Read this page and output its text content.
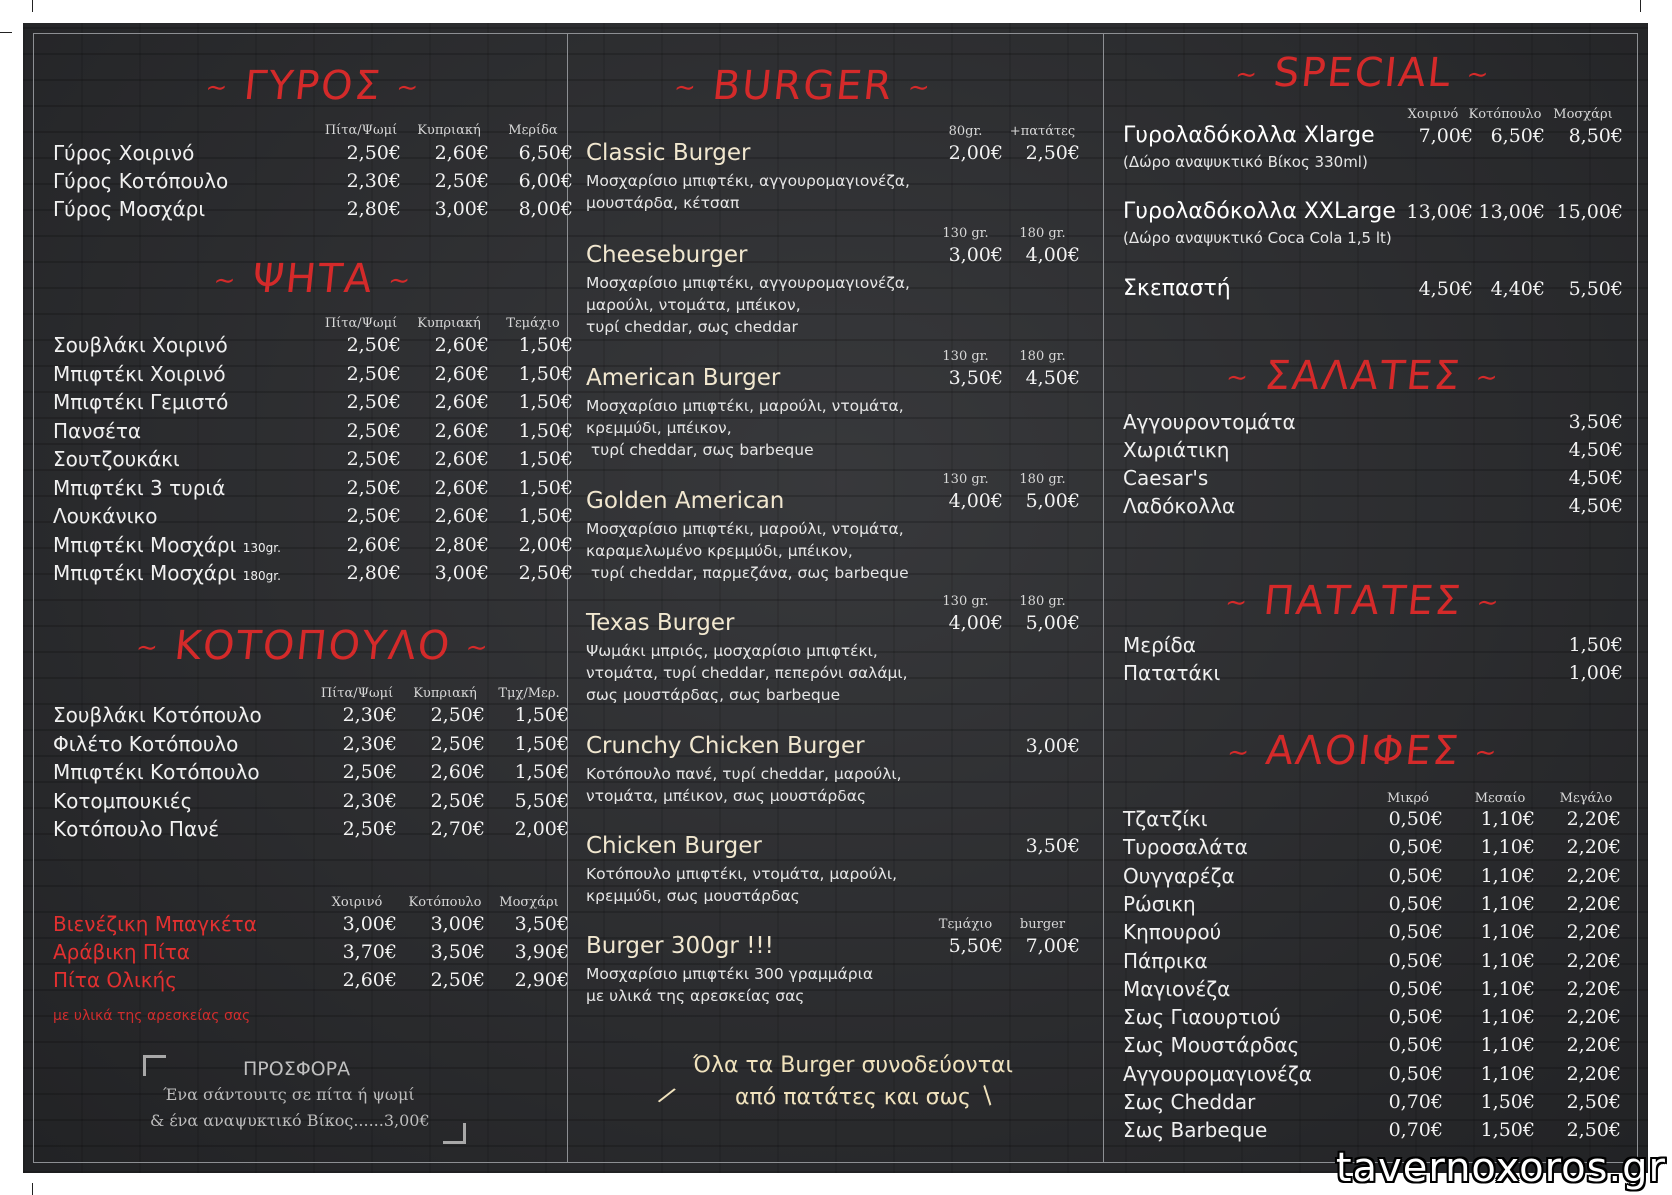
~ ΓΥΡΟΣ ~
Πίτα/Ψωμί	Κυπριακή	Μερίδα
Γύρος Χοιρινό	2,50€	2,60€	6,50€
Γύρος Κοτόπουλο	2,30€	2,50€	6,00€
Γύρος Μοσχάρι	2,80€	3,00€	8,00€
~ ΨΗΤΑ ~
Πίτα/Ψωμί	Κυπριακή	Τεμάχιο
Σουβλάκι Χοιρινό	2,50€	2,60€	1,50€
Μπιφτέκι Χοιρινό	2,50€	2,60€	1,50€
Μπιφτέκι Γεμιστό	2,50€	2,60€	1,50€
Πανσέτα	2,50€	2,60€	1,50€
Σουτζουκάκι	2,50€	2,60€	1,50€
Μπιφτέκι 3 τυριά	2,50€	2,60€	1,50€
Λουκάνικο	2,50€	2,60€	1,50€
Μπιφτέκι Μοσχάρι 130gr.	2,60€	2,80€	2,00€
Μπιφτέκι Μοσχάρι 180gr.	2,80€	3,00€	2,50€
~ ΚΟΤΟΠΟΥΛΟ ~
Πίτα/Ψωμί	Κυπριακή	Τμχ/Μερ.
Σουβλάκι Κοτόπουλο	2,30€	2,50€	1,50€
Φιλέτο Κοτόπουλο	2,30€	2,50€	1,50€
Μπιφτέκι Κοτόπουλο	2,50€	2,60€	1,50€
Κοτομπουκιές	2,30€	2,50€	5,50€
Κοτόπουλο Πανέ	2,50€	2,70€	2,00€
Χοιρινό	Κοτόπουλο	Μοσχάρι
Βιενέζικη Μπαγκέτα	3,00€	3,00€	3,50€
Αράβικη Πίτα	3,70€	3,50€	3,90€
Πίτα Ολικής	2,60€	2,50€	2,90€
με υλικά της αρεσκείας σας
ΠΡΟΣΦΟΡΑ
Ένα σάντουιτς σε πίτα ή ψωμί
& ένα αναψυκτικό Βίκος......3,00€
~ BURGER ~
80gr.	+πατάτες
Classic Burger	2,00€	2,50€
Μοσχαρίσιο μπιφτέκι, αγγουρομαγιονέζα,
μουστάρδα, κέτσαπ
130 gr.	180 gr.
Cheeseburger	3,00€	4,00€
Μοσχαρίσιο μπιφτέκι, αγγουρομαγιονέζα,
μαρούλι, ντομάτα, μπέικον,
τυρί cheddar, σως cheddar
130 gr.	180 gr.
American Burger	3,50€	4,50€
Μοσχαρίσιο μπιφτέκι, μαρούλι, ντομάτα,
κρεμμύδι, μπέικον,
τυρί cheddar, σως barbeque
130 gr.	180 gr.
Golden American	4,00€	5,00€
Μοσχαρίσιο μπιφτέκι, μαρούλι, ντομάτα,
καραμελωμένο κρεμμύδι, μπέικον,
τυρί cheddar, παρμεζάνα, σως barbeque
130 gr.	180 gr.
Texas Burger	4,00€	5,00€
Ψωμάκι μπριός, μοσχαρίσιο μπιφτέκι,
ντομάτα, τυρί cheddar, πεπερόνι σαλάμι,
σως μουστάρδας, σως barbeque
Crunchy Chicken Burger	3,00€
Κοτόπουλο πανέ, τυρί cheddar, μαρούλι,
ντομάτα, μπέικον, σως μουστάρδας
Chicken Burger	3,50€
Κοτόπουλο μπιφτέκι, ντομάτα, μαρούλι,
κρεμμύδι, σως μουστάρδας
Τεμάχιο	burger
Burger 300gr !!!	5,50€	7,00€
Μοσχαρίσιο μπιφτέκι 300 γραμμάρια
με υλικά της αρεσκείας σας
Όλα τα Burger συνοδεύονται
από πατάτες και σως
/	/
~ SPECIAL ~
Χοιρινό Κοτόπουλο Μοσχάρι
Γυρολαδόκολλα Xlarge
(Δώρο αναψυκτικό Βίκος 330ml)
7,00€ 6,50€	8,50€
Γυρολαδόκολλα XXLarge
(Δώρο αναψυκτικό Coca Cola 1,5 lt)
13,00€ 13,00€ 15,00€
Σκεπαστή	4,50€ 4,40€	5,50€
~ ΣΑΛΑΤΕΣ ~
Αγγουροντομάτα	3,50€
Χωριάτικη	4,50€
Caesar's	4,50€
Λαδόκολλα	4,50€
~ ΠΑΤΑΤΕΣ ~
Μερίδα	1,50€
Πατατάκι	1,00€
~ ΑΛΟΙΦΕΣ ~
Μικρό	Μεσαίο	Μεγάλο
Τζατζίκι	0,50€	1,10€	2,20€
Τυροσαλάτα	0,50€	1,10€	2,20€
Ουγγαρέζα	0,50€	1,10€	2,20€
Ρώσικη	0,50€	1,10€	2,20€
Κηπουρού	0,50€	1,10€	2,20€
Πάπρικα	0,50€	1,10€	2,20€
Μαγιονέζα	0,50€	1,10€	2,20€
Σως Γιαουρτιού	0,50€	1,10€	2,20€
Σως Μουστάρδας	0,50€	1,10€	2,20€
Αγγουρομαγιονέζα	0,50€	1,10€	2,20€
Σως Cheddar	0,70€	1,50€	2,50€
Σως Barbeque	0,70€	1,50€	2,50€
tavernoxoros.gr
